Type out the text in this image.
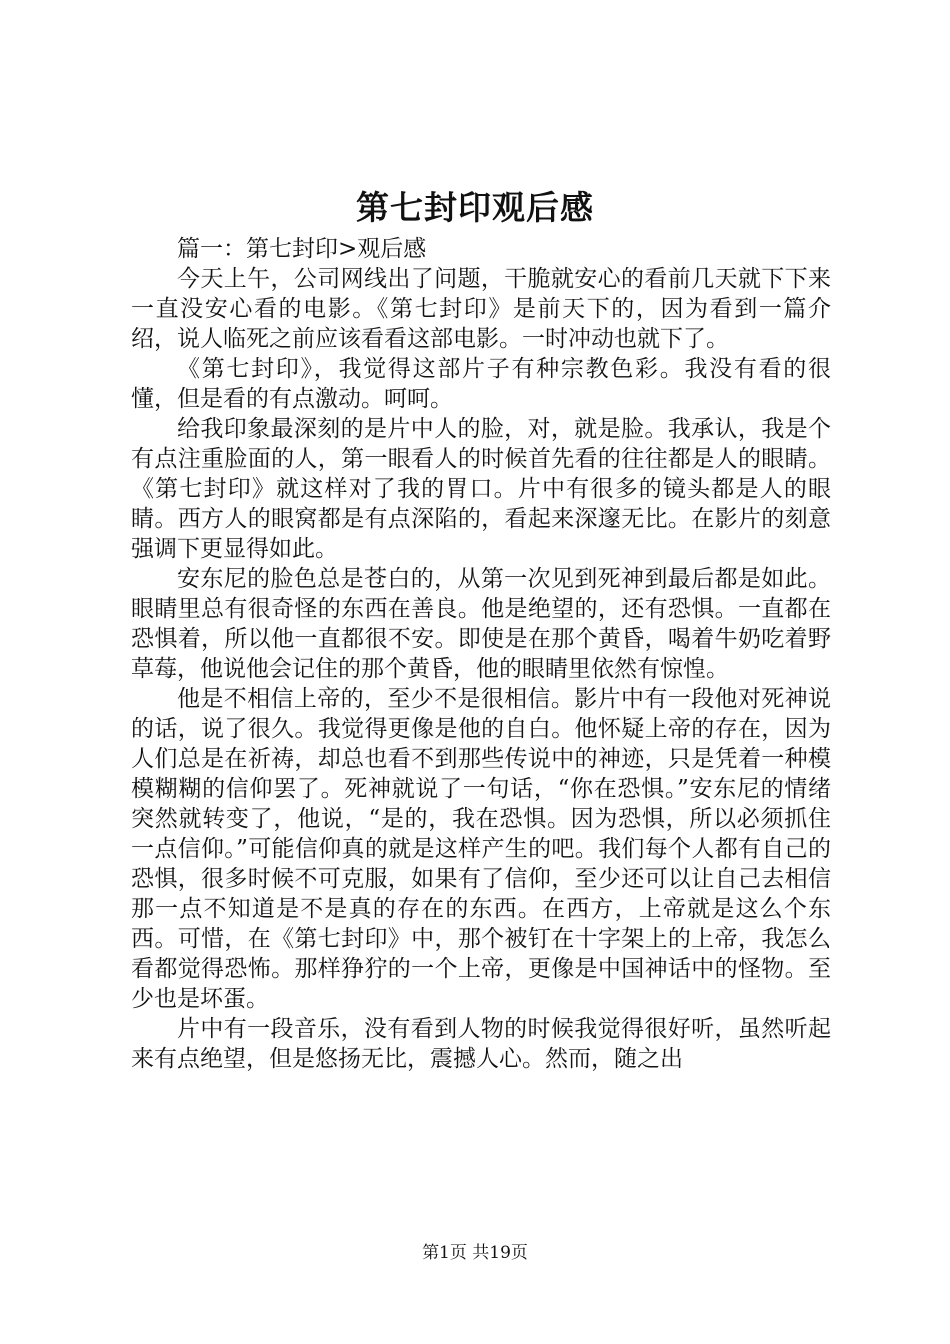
第七封印观后感

篇一：第七封印>观后感

今天上午，公司网线出了问题，干脆就安心的看前几天就下下来一直没安心看的电影。《第七封印》是前天下的，因为看到一篇介绍，说人临死之前应该看看这部电影。一时冲动也就下了。

《第七封印》，我觉得这部片子有种宗教色彩。我没有看的很懂，但是看的有点激动。呵呵。

给我印象最深刻的是片中人的脸，对，就是脸。我承认，我是个有点注重脸面的人，第一眼看人的时候首先看的往往都是人的眼睛。《第七封印》就这样对了我的胃口。片中有很多的镜头都是人的眼睛。西方人的眼窝都是有点深陷的，看起来深邃无比。在影片的刻意强调下更显得如此。

安东尼的脸色总是苍白的，从第一次见到死神到最后都是如此。眼睛里总有很奇怪的东西在善良。他是绝望的，还有恐惧。一直都在恐惧着，所以他一直都很不安。即使是在那个黄昏，喝着牛奶吃着野草莓，他说他会记住的那个黄昏，他的眼睛里依然有惊惶。

他是不相信上帝的，至少不是很相信。影片中有一段他对死神说的话，说了很久。我觉得更像是他的自白。他怀疑上帝的存在，因为人们总是在祈祷，却总也看不到那些传说中的神迹，只是凭着一种模模糊糊的信仰罢了。死神就说了一句话，“你在恐惧。”安东尼的情绪突然就转变了，他说，“是的，我在恐惧。因为恐惧，所以必须抓住一点信仰。”可能信仰真的就是这样产生的吧。我们每个人都有自己的恐惧，很多时候不可克服，如果有了信仰，至少还可以让自己去相信那一点不知道是不是真的存在的东西。在西方，上帝就是这么个东西。可惜，在《第七封印》中，那个被钉在十字架上的上帝，我怎么看都觉得恐怖。那样狰狞的一个上帝，更像是中国神话中的怪物。至少也是坏蛋。

片中有一段音乐，没有看到人物的时候我觉得很好听，虽然听起来有点绝望，但是悠扬无比，震撼人心。然而，随之出

第1页 共19页
